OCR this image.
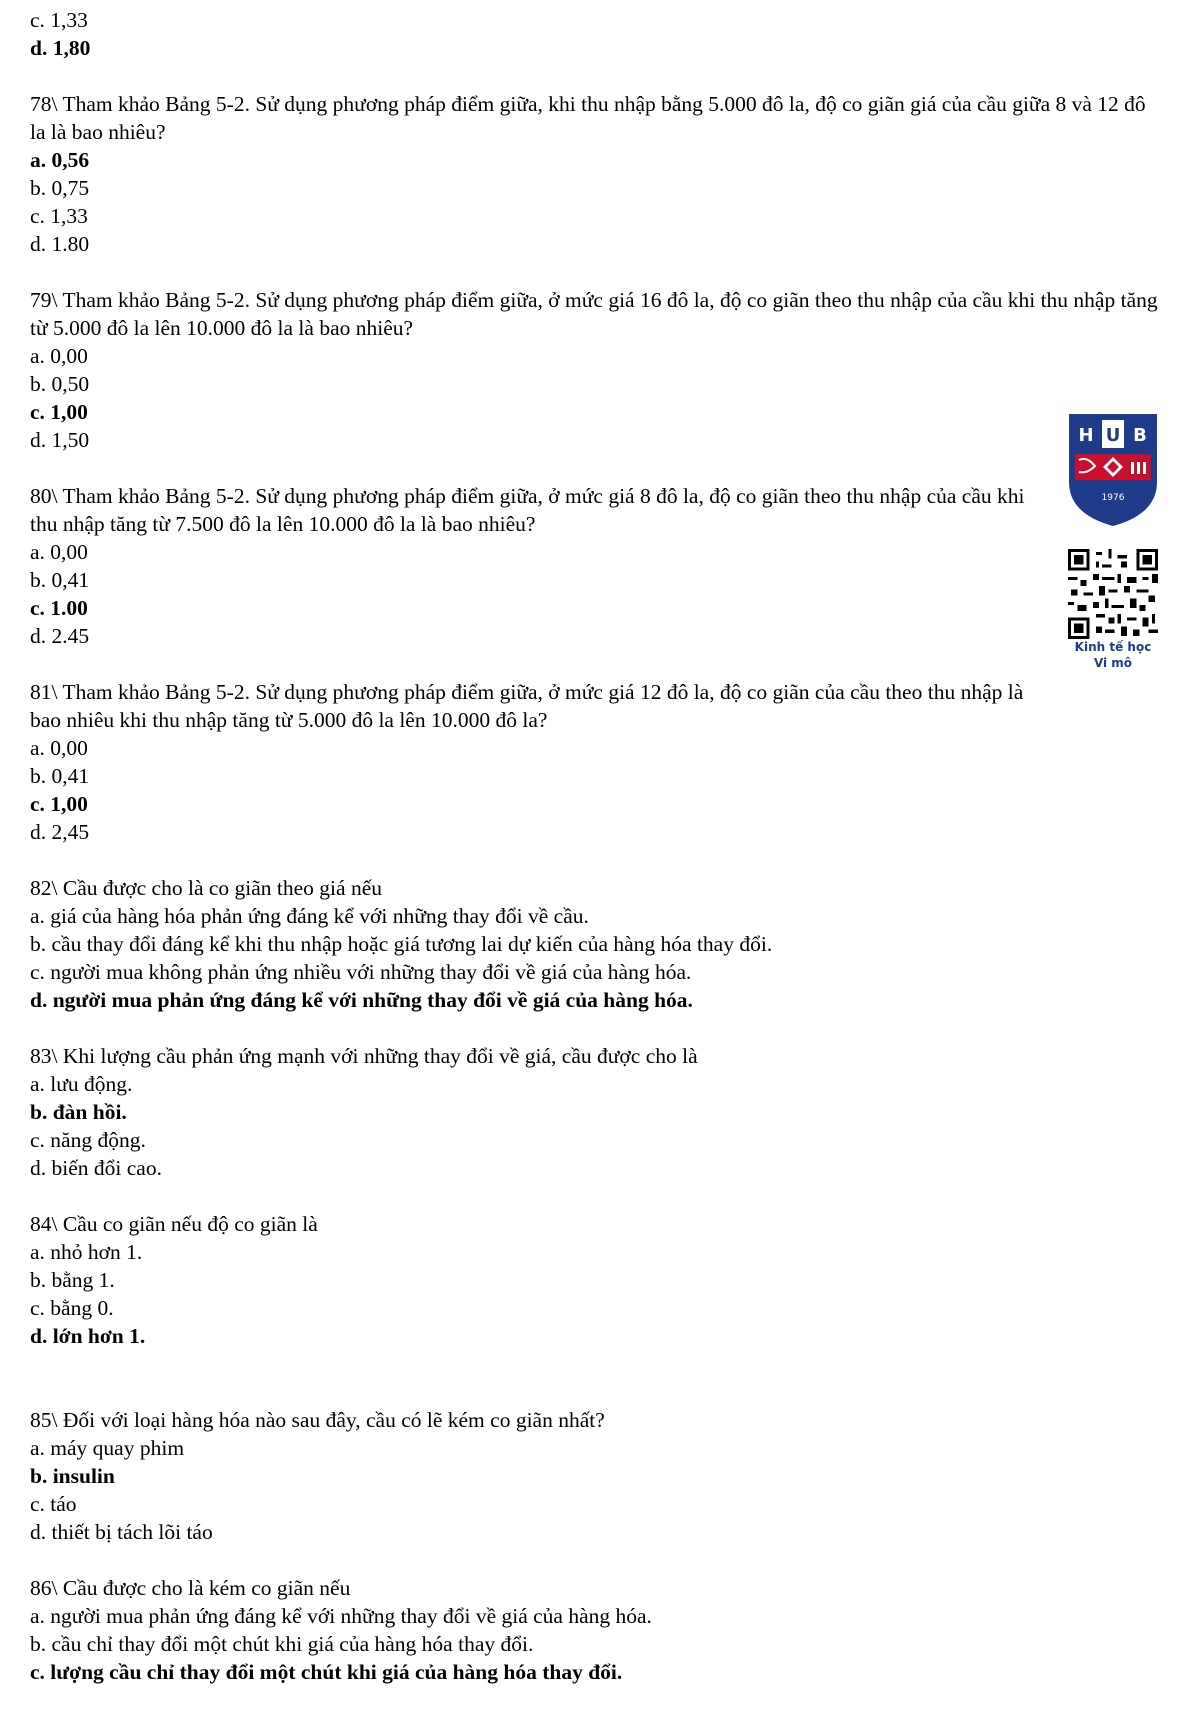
c. 1,33

d. 1,80

78\ Tham khảo Bảng 5-2. Sử dụng phương pháp điểm giữa, khi thu nhập bằng 5.000 đô la, độ co giãn giá của cầu giữa 8 và 12 đô la là bao nhiêu?

a. 0,56

b. 0,75

c. 1,33

d. 1.80

79\ Tham khảo Bảng 5-2. Sử dụng phương pháp điểm giữa, ở mức giá 16 đô la, độ co giãn theo thu nhập của cầu khi thu nhập tăng từ 5.000 đô la lên 10.000 đô la là bao nhiêu?

a. 0,00

b. 0,50

c. 1,00

d. 1,50

80\ Tham khảo Bảng 5-2. Sử dụng phương pháp điểm giữa, ở mức giá 8 đô la, độ co giãn theo thu nhập của cầu khi thu nhập tăng từ 7.500 đô la lên 10.000 đô la là bao nhiêu?

a. 0,00

b. 0,41

c. 1.00

d. 2.45

81\ Tham khảo Bảng 5-2. Sử dụng phương pháp điểm giữa, ở mức giá 12 đô la, độ co giãn của cầu theo thu nhập là bao nhiêu khi thu nhập tăng từ 5.000 đô la lên 10.000 đô la?

a. 0,00

b. 0,41

c. 1,00

d. 2,45

82\ Cầu được cho là co giãn theo giá nếu

a. giá của hàng hóa phản ứng đáng kể với những thay đổi về cầu.

b. cầu thay đổi đáng kể khi thu nhập hoặc giá tương lai dự kiến của hàng hóa thay đổi.

c. người mua không phản ứng nhiều với những thay đổi về giá của hàng hóa.

d. người mua phản ứng đáng kể với những thay đổi về giá của hàng hóa.

83\ Khi lượng cầu phản ứng mạnh với những thay đổi về giá, cầu được cho là

a. lưu động.

b. đàn hồi.

c. năng động.

d. biến đổi cao.

84\ Cầu co giãn nếu độ co giãn là

a. nhỏ hơn 1.

b. bằng 1.

c. bằng 0.

d. lớn hơn 1.

85\ Đối với loại hàng hóa nào sau đây, cầu có lẽ kém co giãn nhất?

a. máy quay phim

b. insulin

c. táo

d. thiết bị tách lõi táo

86\ Cầu được cho là kém co giãn nếu

a. người mua phản ứng đáng kể với những thay đổi về giá của hàng hóa.

b. cầu chỉ thay đổi một chút khi giá của hàng hóa thay đổi.

c. lượng cầu chỉ thay đổi một chút khi giá của hàng hóa thay đổi.

H U B
1976
Kinh tế học
Vi mô
